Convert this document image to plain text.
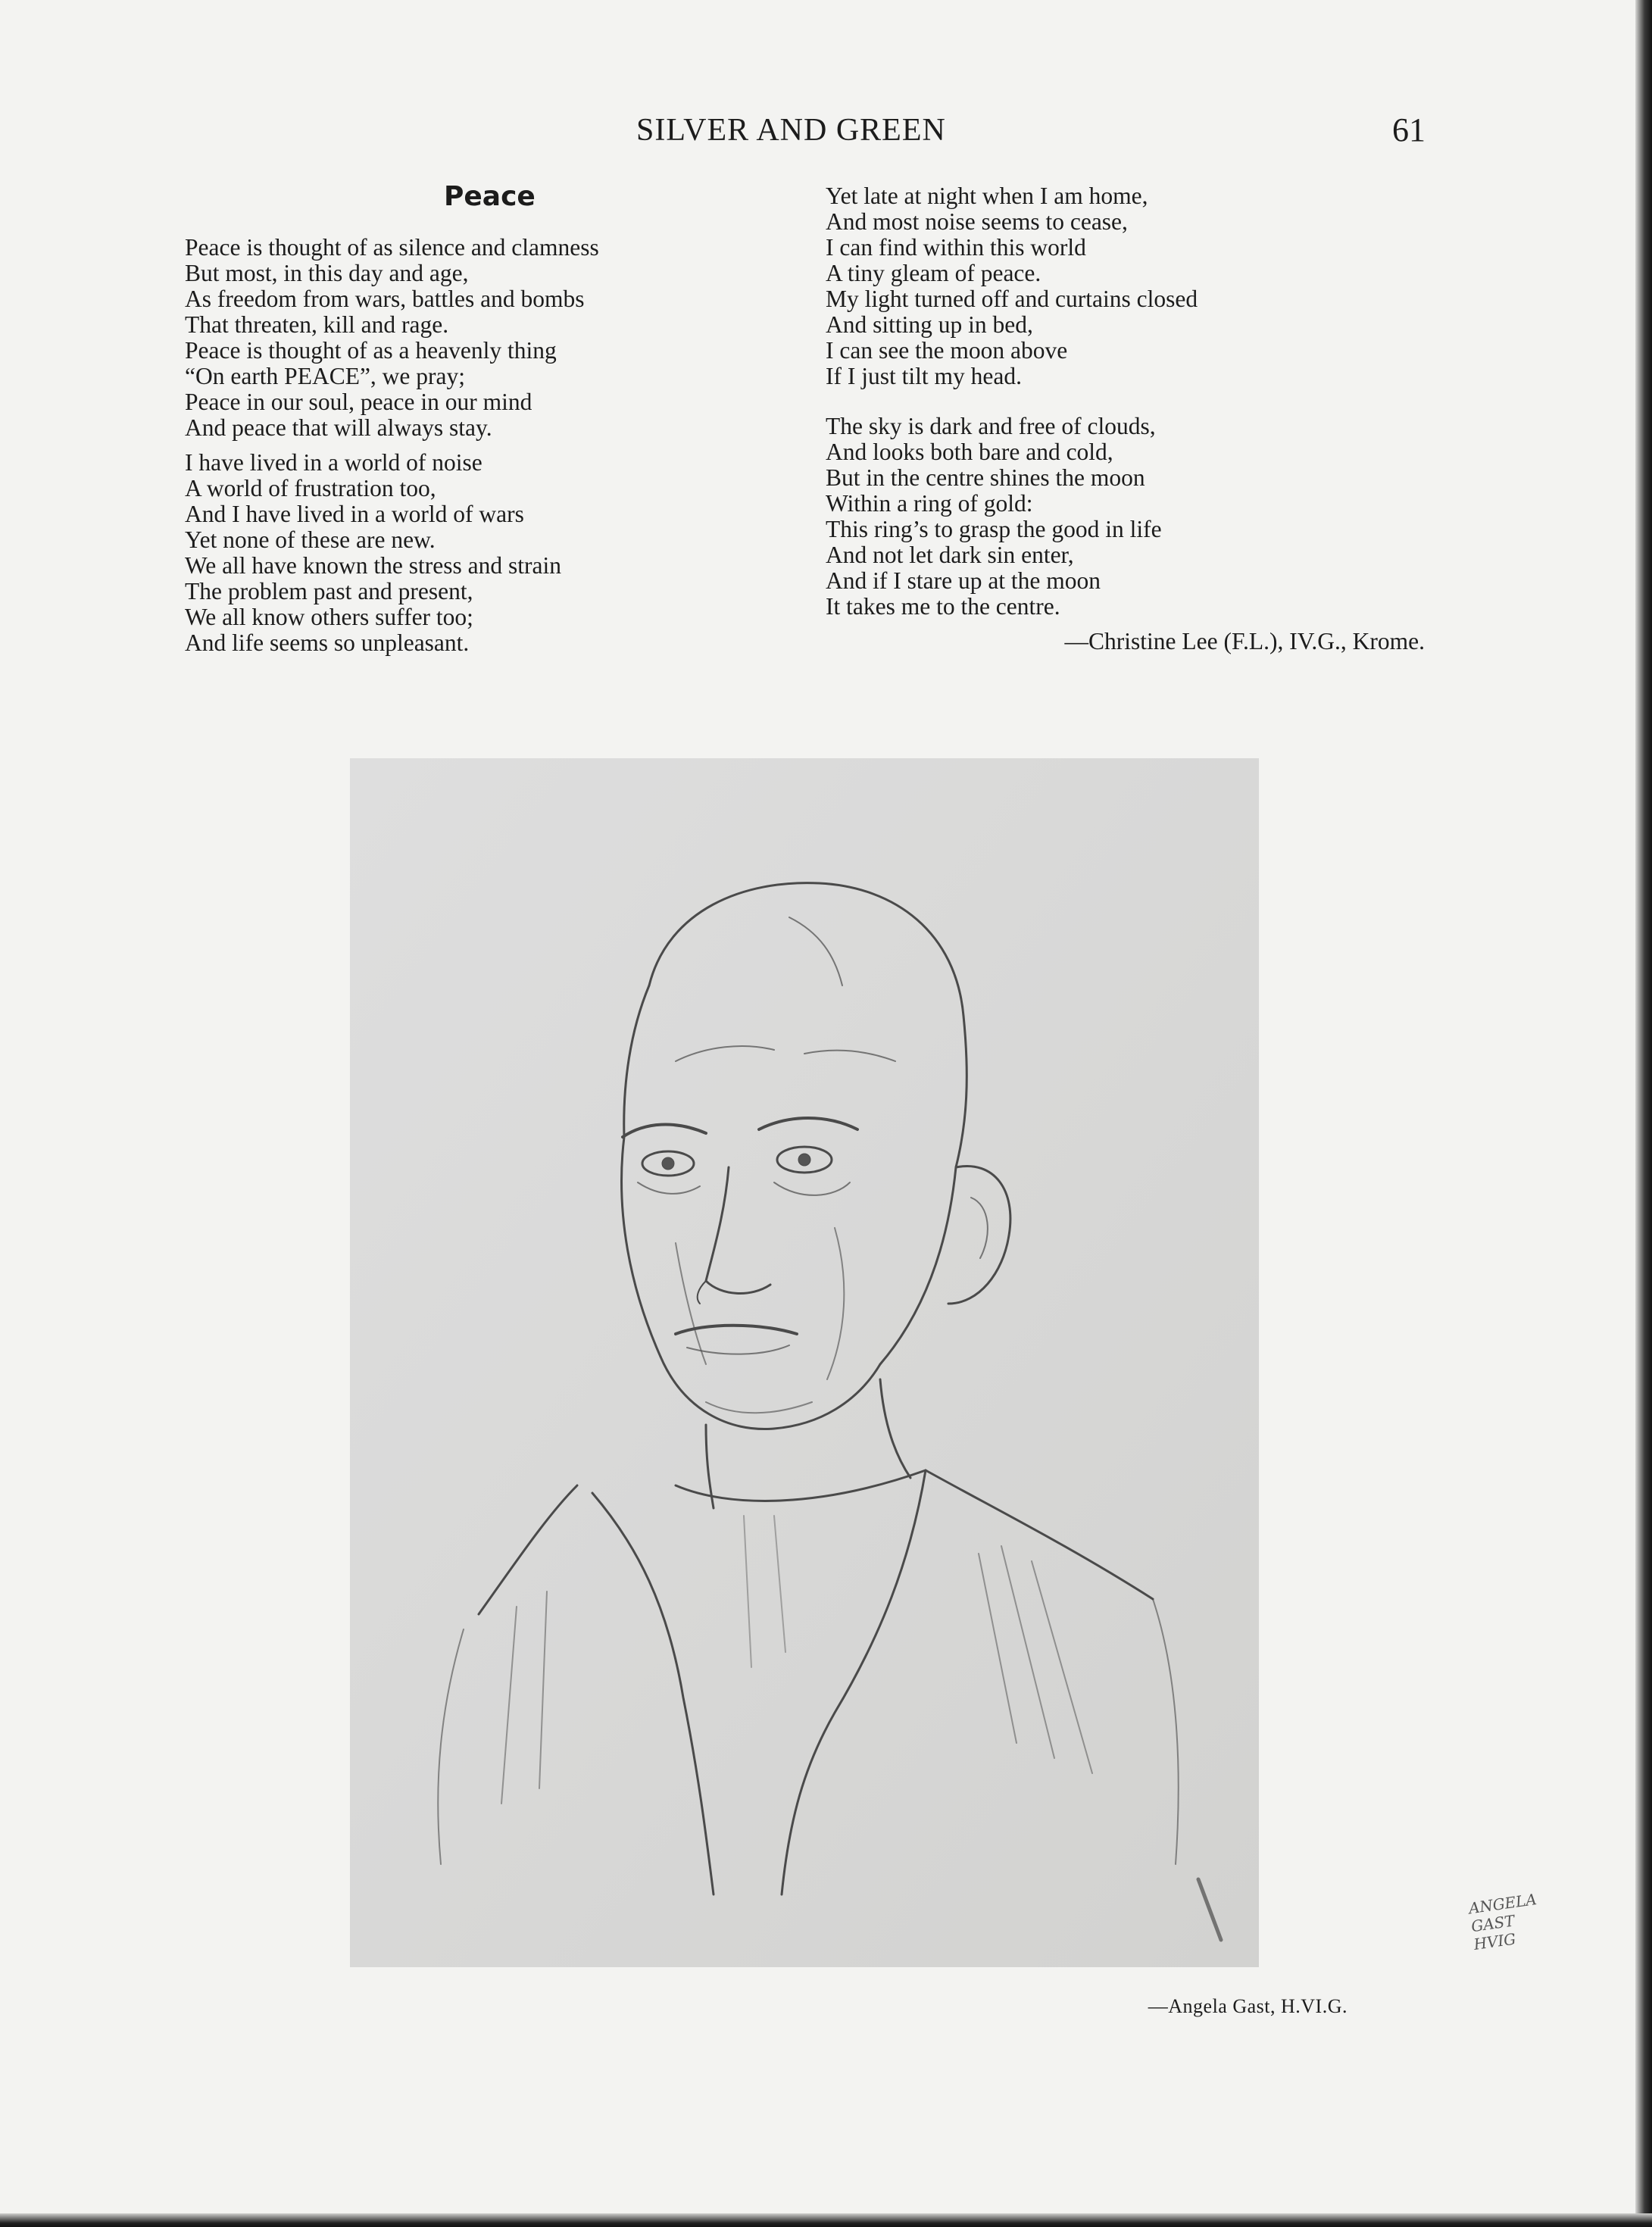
SILVER AND GREEN	61
Peace
Peace is thought of as silence and clamness
But most, in this day and age,
As freedom from wars, battles and bombs
That threaten, kill and rage.
Peace is thought of as a heavenly thing
“On earth PEACE”, we pray;
Peace in our soul, peace in our mind
And peace that will always stay.
I have lived in a world of noise
A world of frustration too,
And I have lived in a world of wars
Yet none of these are new.
We all have known the stress and strain
The problem past and present,
We all know others suffer too;
And life seems so unpleasant.
Yet late at night when I am home,
And most noise seems to cease,
I can find within this world
A tiny gleam of peace.
My light turned off and curtains closed
And sitting up in bed,
I can see the moon above
If I just tilt my head.
The sky is dark and free of clouds,
And looks both bare and cold,
But in the centre shines the moon
Within a ring of gold:
This ring’s to grasp the good in life
And not let dark sin enter,
And if I stare up at the moon
It takes me to the centre.
—Christine Lee (F.L.), IV.G., Krome.
ANGELA GAST HVIG
—Angela Gast, H.VI.G.
